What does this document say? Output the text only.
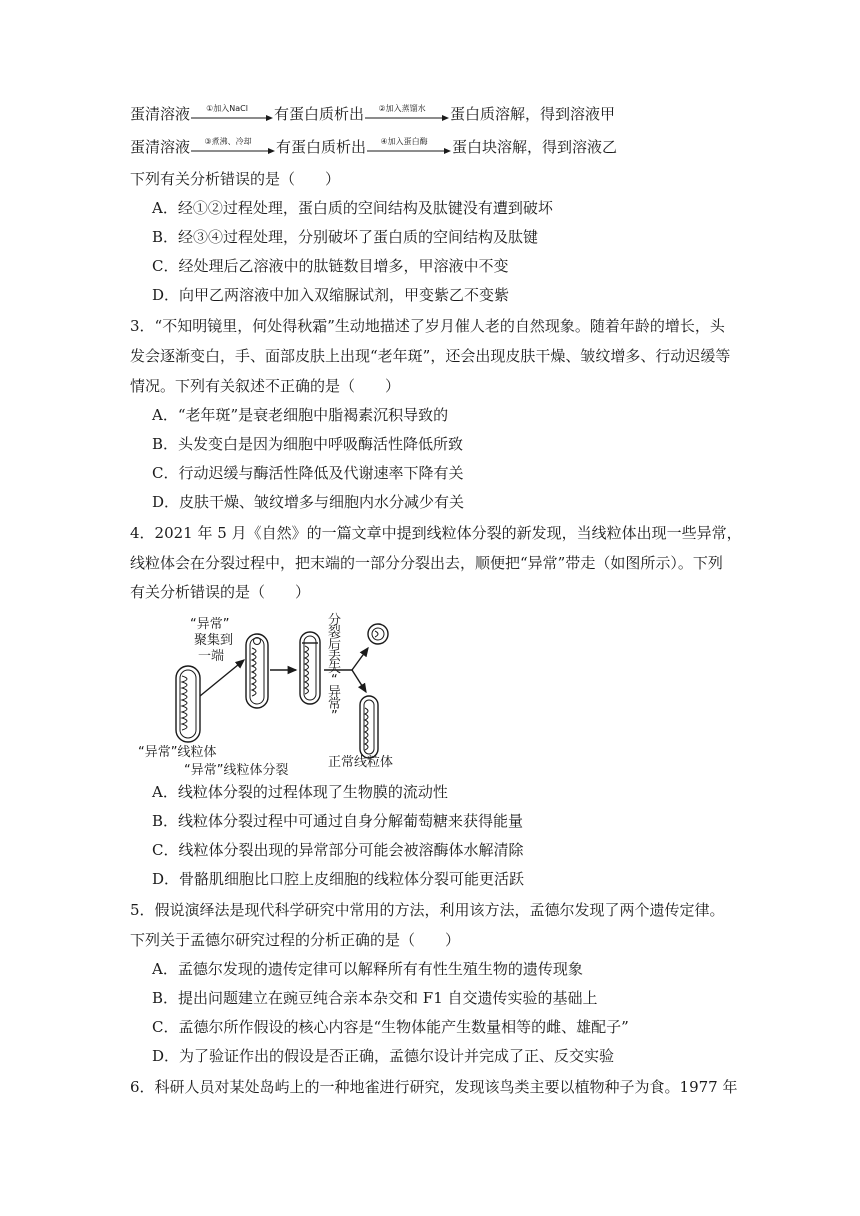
蛋清溶液	①加入NaCl	有蛋白质析出	②加入蒸馏水	蛋白质溶解，得到溶液甲
蛋清溶液	③煮沸、冷却	有蛋白质析出	④加入蛋白酶	蛋白块溶解，得到溶液乙
下列有关分析错误的是（　　）
A．经①②过程处理，蛋白质的空间结构及肽键没有遭到破坏
B．经③④过程处理，分别破坏了蛋白质的空间结构及肽键
C．经处理后乙溶液中的肽链数目增多，甲溶液中不变
D．向甲乙两溶液中加入双缩脲试剂，甲变紫乙不变紫
3．“不知明镜里，何处得秋霜”生动地描述了岁月催人老的自然现象。随着年龄的增长，头
发会逐渐变白，手、面部皮肤上出现“老年斑”，还会出现皮肤干燥、皱纹增多、行动迟缓等
情况。下列有关叙述不正确的是（　　）
A．“老年斑”是衰老细胞中脂褐素沉积导致的
B．头发变白是因为细胞中呼吸酶活性降低所致
C．行动迟缓与酶活性降低及代谢速率下降有关
D．皮肤干燥、皱纹增多与细胞内水分减少有关
4．2021 年 5 月《自然》的一篇文章中提到线粒体分裂的新发现，当线粒体出现一些异常，
线粒体会在分裂过程中，把末端的一部分分裂出去，顺便把“异常”带走（如图所示）。下列
有关分析错误的是（　　）
“异常”
聚集到
一端
分
裂
后
丢
失
“
异
常
”
“异常”线粒体
“异常”线粒体分裂
正常线粒体
A．线粒体分裂的过程体现了生物膜的流动性
B．线粒体分裂过程中可通过自身分解葡萄糖来获得能量
C．线粒体分裂出现的异常部分可能会被溶酶体水解清除
D．骨骼肌细胞比口腔上皮细胞的线粒体分裂可能更活跃
5．假说演绎法是现代科学研究中常用的方法，利用该方法，孟德尔发现了两个遗传定律。
下列关于孟德尔研究过程的分析正确的是（　　）
A．孟德尔发现的遗传定律可以解释所有有性生殖生物的遗传现象
B．提出问题建立在豌豆纯合亲本杂交和 F1 自交遗传实验的基础上
C．孟德尔所作假设的核心内容是“生物体能产生数量相等的雌、雄配子”
D．为了验证作出的假设是否正确，孟德尔设计并完成了正、反交实验
6．科研人员对某处岛屿上的一种地雀进行研究，发现该鸟类主要以植物种子为食。1977 年
